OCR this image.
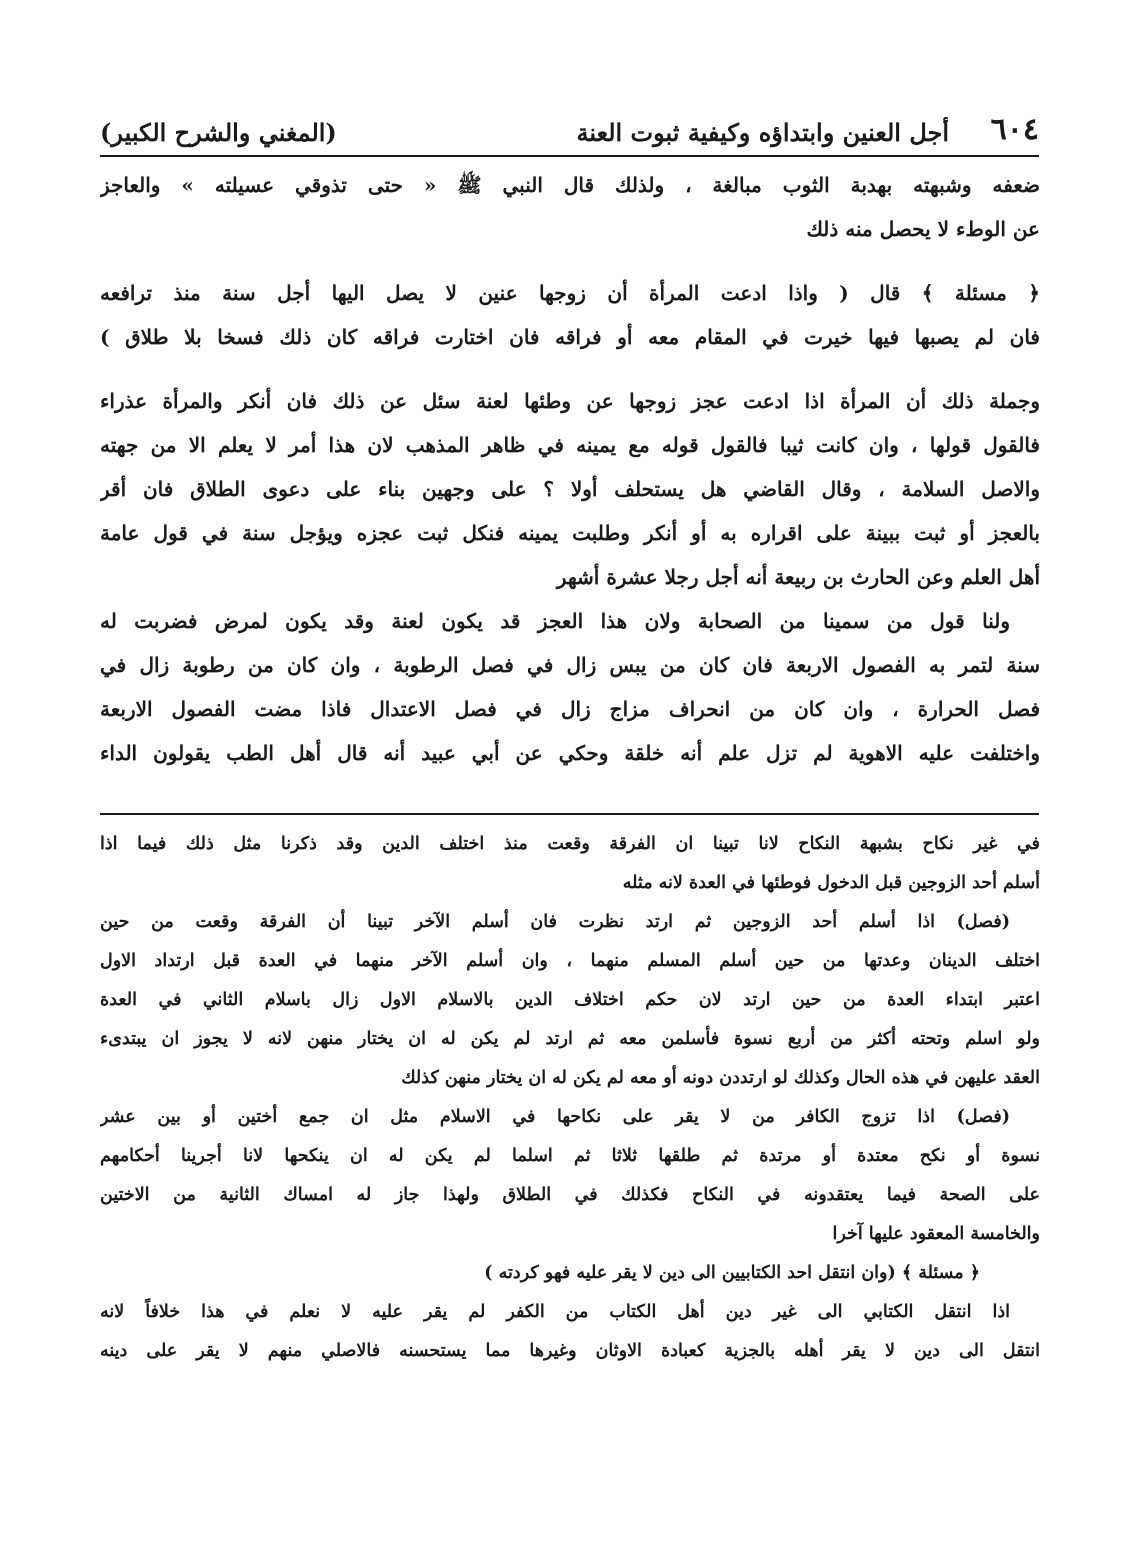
٦٠٤
أجل العنين وابتداؤه وكيفية ثبوت العنة
(المغني والشرح الكبير)
ضعفه وشبهته بهدبة الثوب مبالغة ، ولذلك قال النبي ﷺ « حتى تذوقي عسيلته » والعاجز
عن الوطء لا يحصل منه ذلك
﴿ مسئلة ﴾ قال ( واذا ادعت المرأة أن زوجها عنين لا يصل اليها أجل سنة منذ ترافعه
فان لم يصبها فيها خيرت في المقام معه أو فراقه فان اختارت فراقه كان ذلك فسخا بلا طلاق )
وجملة ذلك أن المرأة اذا ادعت عجز زوجها عن وطئها لعنة سئل عن ذلك فان أنكر والمرأة عذراء
فالقول قولها ، وان كانت ثيبا فالقول قوله مع يمينه في ظاهر المذهب لان هذا أمر لا يعلم الا من جهته
والاصل السلامة ، وقال القاضي هل يستحلف أولا ؟ على وجهين بناء على دعوى الطلاق فان أقر
بالعجز أو ثبت ببينة على اقراره به أو أنكر وطلبت يمينه فنكل ثبت عجزه ويؤجل سنة في قول عامة
أهل العلم وعن الحارث بن ربيعة أنه أجل رجلا عشرة أشهر
ولنا قول من سمينا من الصحابة ولان هذا العجز قد يكون لعنة وقد يكون لمرض فضربت له
سنة لتمر به الفصول الاربعة فان كان من يبس زال في فصل الرطوبة ، وان كان من رطوبة زال في
فصل الحرارة ، وان كان من انحراف مزاج زال في فصل الاعتدال فاذا مضت الفصول الاربعة
واختلفت عليه الاهوية لم تزل علم أنه خلقة وحكي عن أبي عبيد أنه قال أهل الطب يقولون الداء
في غير نكاح بشبهة النكاح لانا تبينا ان الفرقة وقعت منذ اختلف الدين وقد ذكرنا مثل ذلك فيما اذا
أسلم أحد الزوجين قبل الدخول فوطئها في العدة لانه مثله
(فصل) اذا أسلم أحد الزوجين ثم ارتد نظرت فان أسلم الآخر تبينا أن الفرقة وقعت من حين
اختلف الدينان وعدتها من حين أسلم المسلم منهما ، وان أسلم الآخر منهما في العدة قبل ارتداد الاول
اعتبر ابتداء العدة من حين ارتد لان حكم اختلاف الدين بالاسلام الاول زال باسلام الثاني في العدة
ولو اسلم وتحته أكثر من أربع نسوة فأسلمن معه ثم ارتد لم يكن له ان يختار منهن لانه لا يجوز ان يبتدىء
العقد عليهن في هذه الحال وكذلك لو ارتددن دونه أو معه لم يكن له ان يختار منهن كذلك
(فصل) اذا تزوج الكافر من لا يقر على نكاحها في الاسلام مثل ان جمع أختين أو بين عشر
نسوة أو نكح معتدة أو مرتدة ثم طلقها ثلاثا ثم اسلما لم يكن له ان ينكحها لانا أجرينا أحكامهم
على الصحة فيما يعتقدونه في النكاح فكذلك في الطلاق ولهذا جاز له امساك الثانية من الاختين
والخامسة المعقود عليها آخرا
﴿ مسئلة ﴾ (وان انتقل احد الكتابيين الى دين لا يقر عليه فهو كردته )
اذا انتقل الكتابي الى غير دين أهل الكتاب من الكفر لم يقر عليه لا نعلم في هذا خلافاً لانه
انتقل الى دين لا يقر أهله بالجزية كعبادة الاوثان وغيرها مما يستحسنه فالاصلي منهم لا يقر على دينه
